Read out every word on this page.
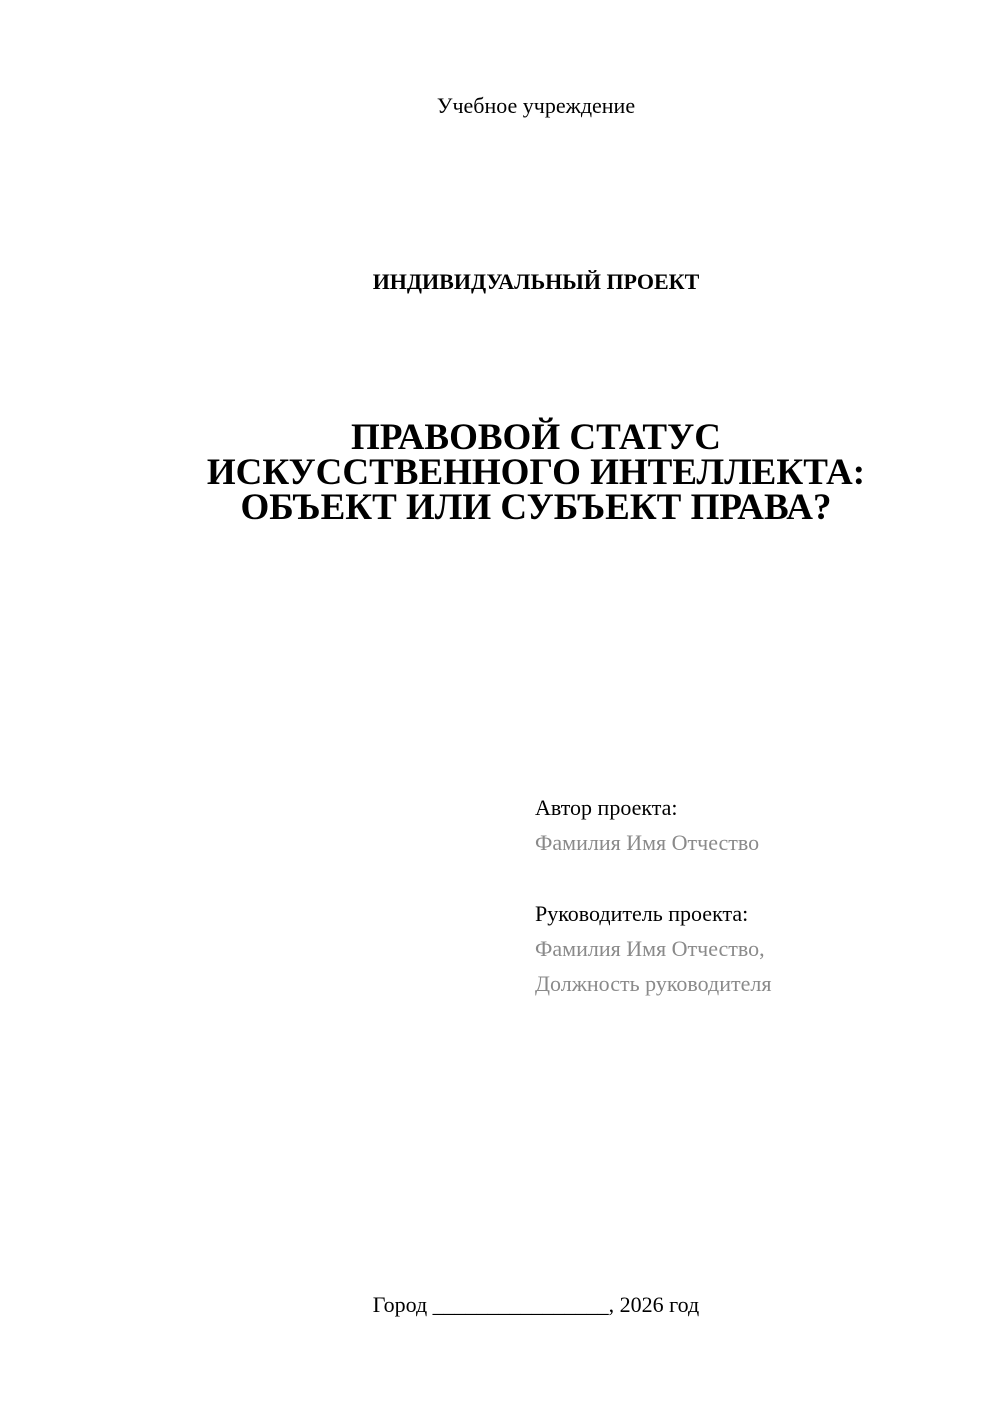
Учебное учреждение
ИНДИВИДУАЛЬНЫЙ ПРОЕКТ
ПРАВОВОЙ СТАТУС
ИСКУССТВЕННОГО ИНТЕЛЛЕКТА:
ОБЪЕКТ ИЛИ СУБЪЕКТ ПРАВА?
Автор проекта:
Фамилия Имя Отчество
Руководитель проекта:
Фамилия Имя Отчество,
Должность руководителя
Город ________________, 2026 год
